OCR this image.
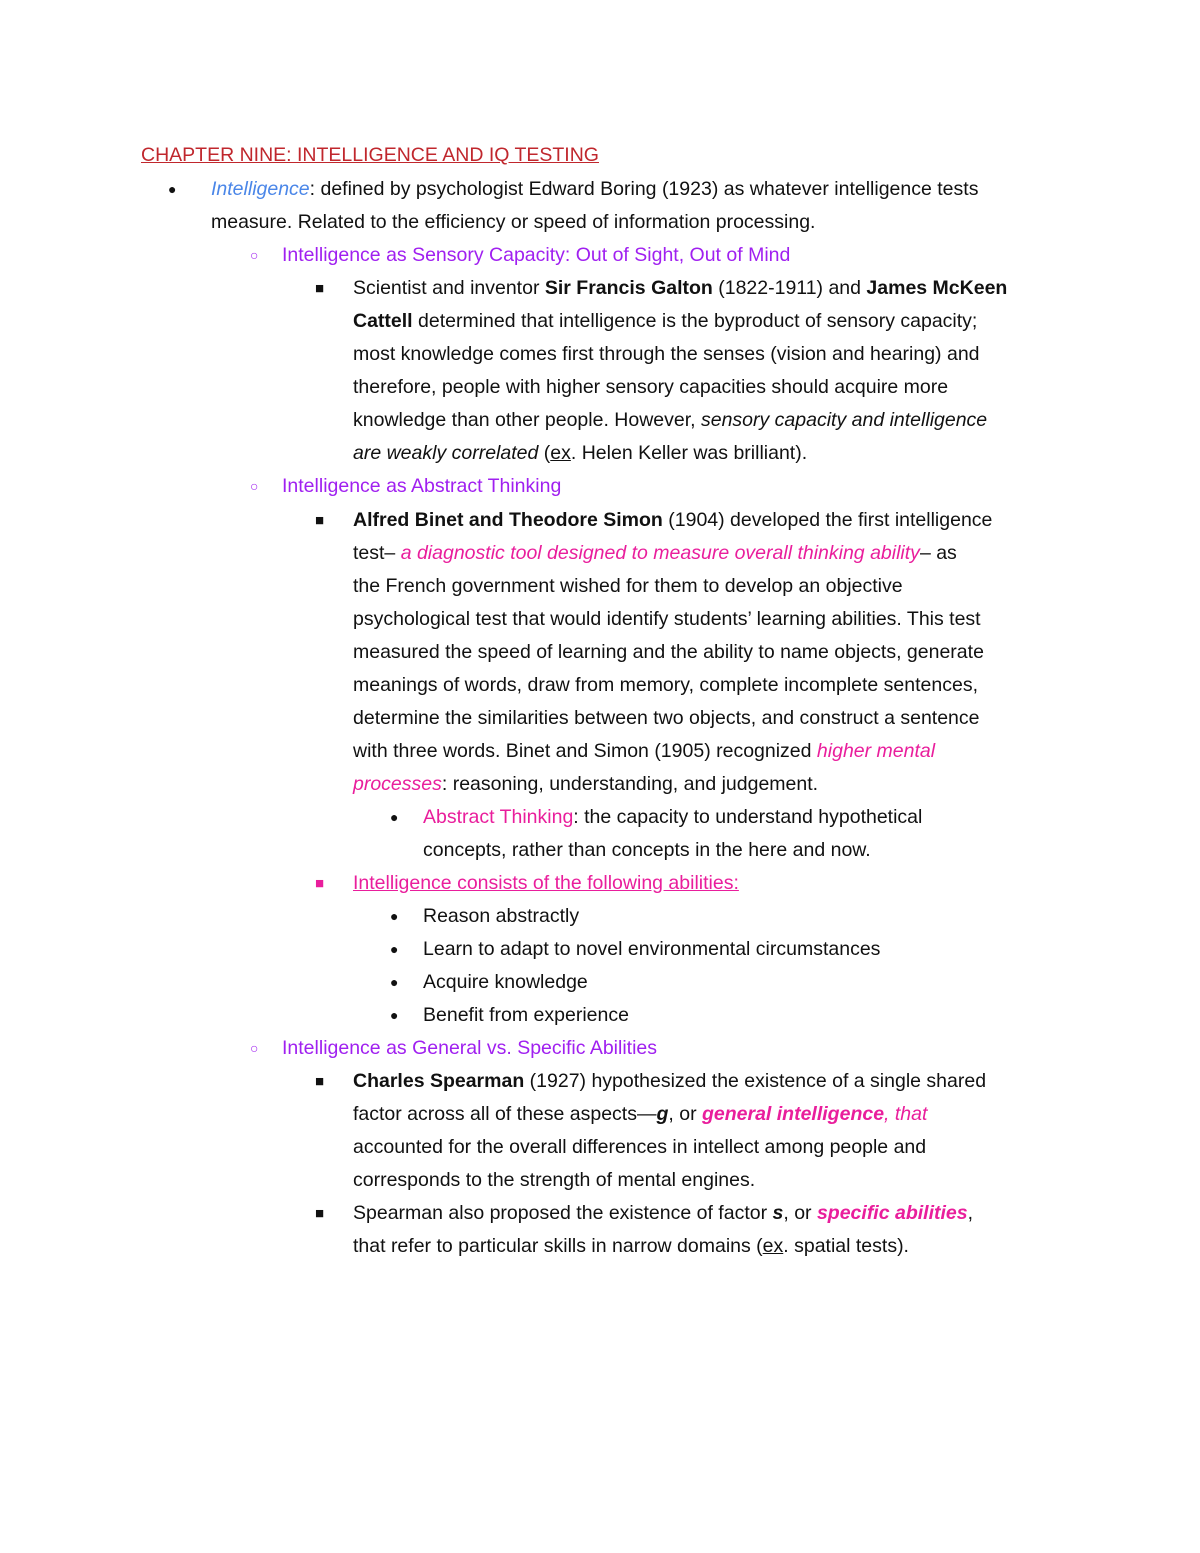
CHAPTER NINE: INTELLIGENCE AND IQ TESTING
● Intelligence: defined by psychologist Edward Boring (1923) as whatever intelligence tests
measure. Related to the efficiency or speed of information processing.
○ Intelligence as Sensory Capacity: Out of Sight, Out of Mind
■ Scientist and inventor Sir Francis Galton (1822-1911) and James McKeen
Cattell determined that intelligence is the byproduct of sensory capacity;
most knowledge comes first through the senses (vision and hearing) and
therefore, people with higher sensory capacities should acquire more
knowledge than other people. However, sensory capacity and intelligence
are weakly correlated (ex. Helen Keller was brilliant).
○ Intelligence as Abstract Thinking
■ Alfred Binet and Theodore Simon (1904) developed the first intelligence
test– a diagnostic tool designed to measure overall thinking ability– as
the French government wished for them to develop an objective
psychological test that would identify students’ learning abilities. This test
measured the speed of learning and the ability to name objects, generate
meanings of words, draw from memory, complete incomplete sentences,
determine the similarities between two objects, and construct a sentence
with three words. Binet and Simon (1905) recognized higher mental
processes: reasoning, understanding, and judgement.
● Abstract Thinking: the capacity to understand hypothetical
concepts, rather than concepts in the here and now.
■ Intelligence consists of the following abilities:
● Reason abstractly
● Learn to adapt to novel environmental circumstances
● Acquire knowledge
● Benefit from experience
○ Intelligence as General vs. Specific Abilities
■ Charles Spearman (1927) hypothesized the existence of a single shared
factor across all of these aspects—g, or general intelligence, that
accounted for the overall differences in intellect among people and
corresponds to the strength of mental engines.
■ Spearman also proposed the existence of factor s, or specific abilities,
that refer to particular skills in narrow domains (ex. spatial tests).
